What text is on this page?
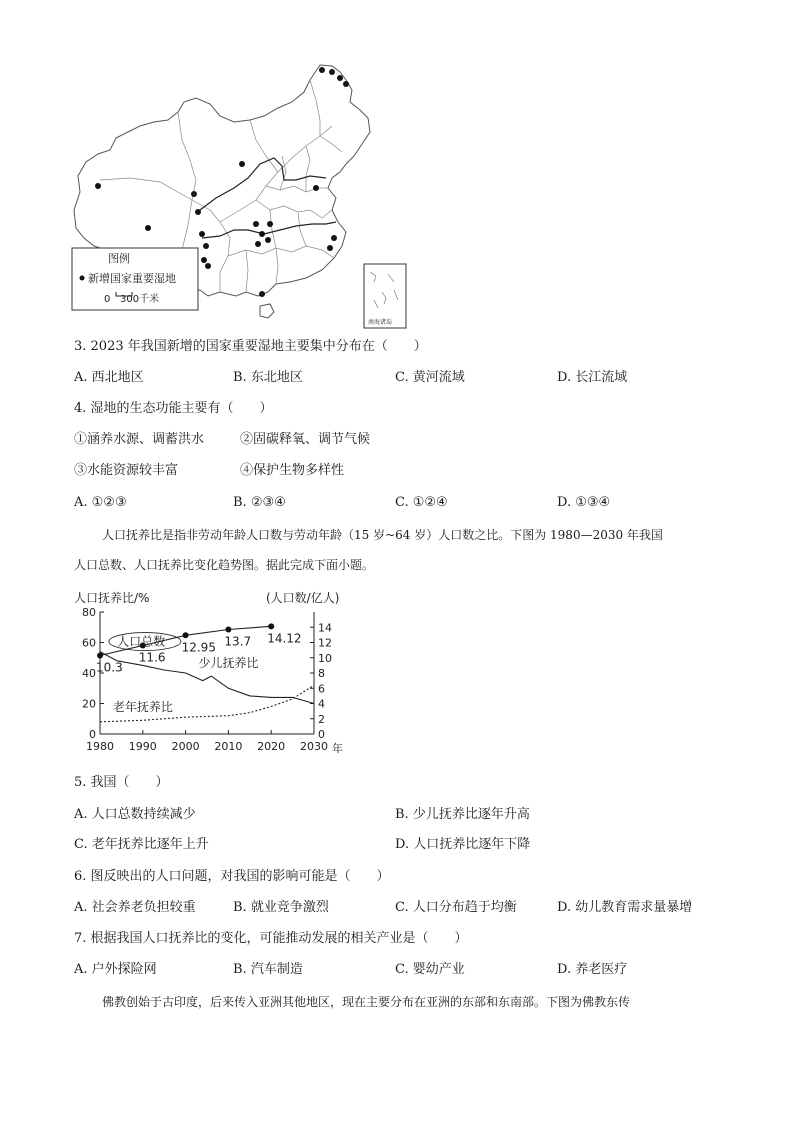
图例
新增国家重要湿地
0 300千米
南海诸岛
3. 2023 年我国新增的国家重要湿地主要集中分布在（　　）
A. 西北地区	B. 东北地区	C. 黄河流域	D. 长江流域
4. 湿地的生态功能主要有（　　）
①涵养水源、调蓄洪水	②固碳释氧、调节气候
③水能资源较丰富	④保护生物多样性
A. ①②③	B. ②③④	C. ①②④	D. ①③④
人口抚养比是指非劳动年龄人口数与劳动年龄（15 岁~64 岁）人口数之比。下图为 1980—2030 年我国
人口总数、人口抚养比变化趋势图。据此完成下面小题。
人口抚养比/%	(人口数/亿人)
0
20
40
60
80
0
2
4
6
8
10
12
14
1980 1990 2000 2010 2020 2030
10.3
11.6
12.95 13.7 14.12
人口总数
少儿抚养比
老年抚养比
年
5. 我国（　　）
A. 人口总数持续减少	B. 少儿抚养比逐年升高
C. 老年抚养比逐年上升	D. 人口抚养比逐年下降
6. 图反映出的人口问题，对我国的影响可能是（　　）
A. 社会养老负担较重	B. 就业竞争激烈	C. 人口分布趋于均衡	D. 幼儿教育需求量暴增
7. 根据我国人口抚养比的变化，可能推动发展的相关产业是（　　）
A. 户外探险网	B. 汽车制造	C. 婴幼产业	D. 养老医疗
佛教创始于古印度，后来传入亚洲其他地区，现在主要分布在亚洲的东部和东南部。下图为佛教东传
